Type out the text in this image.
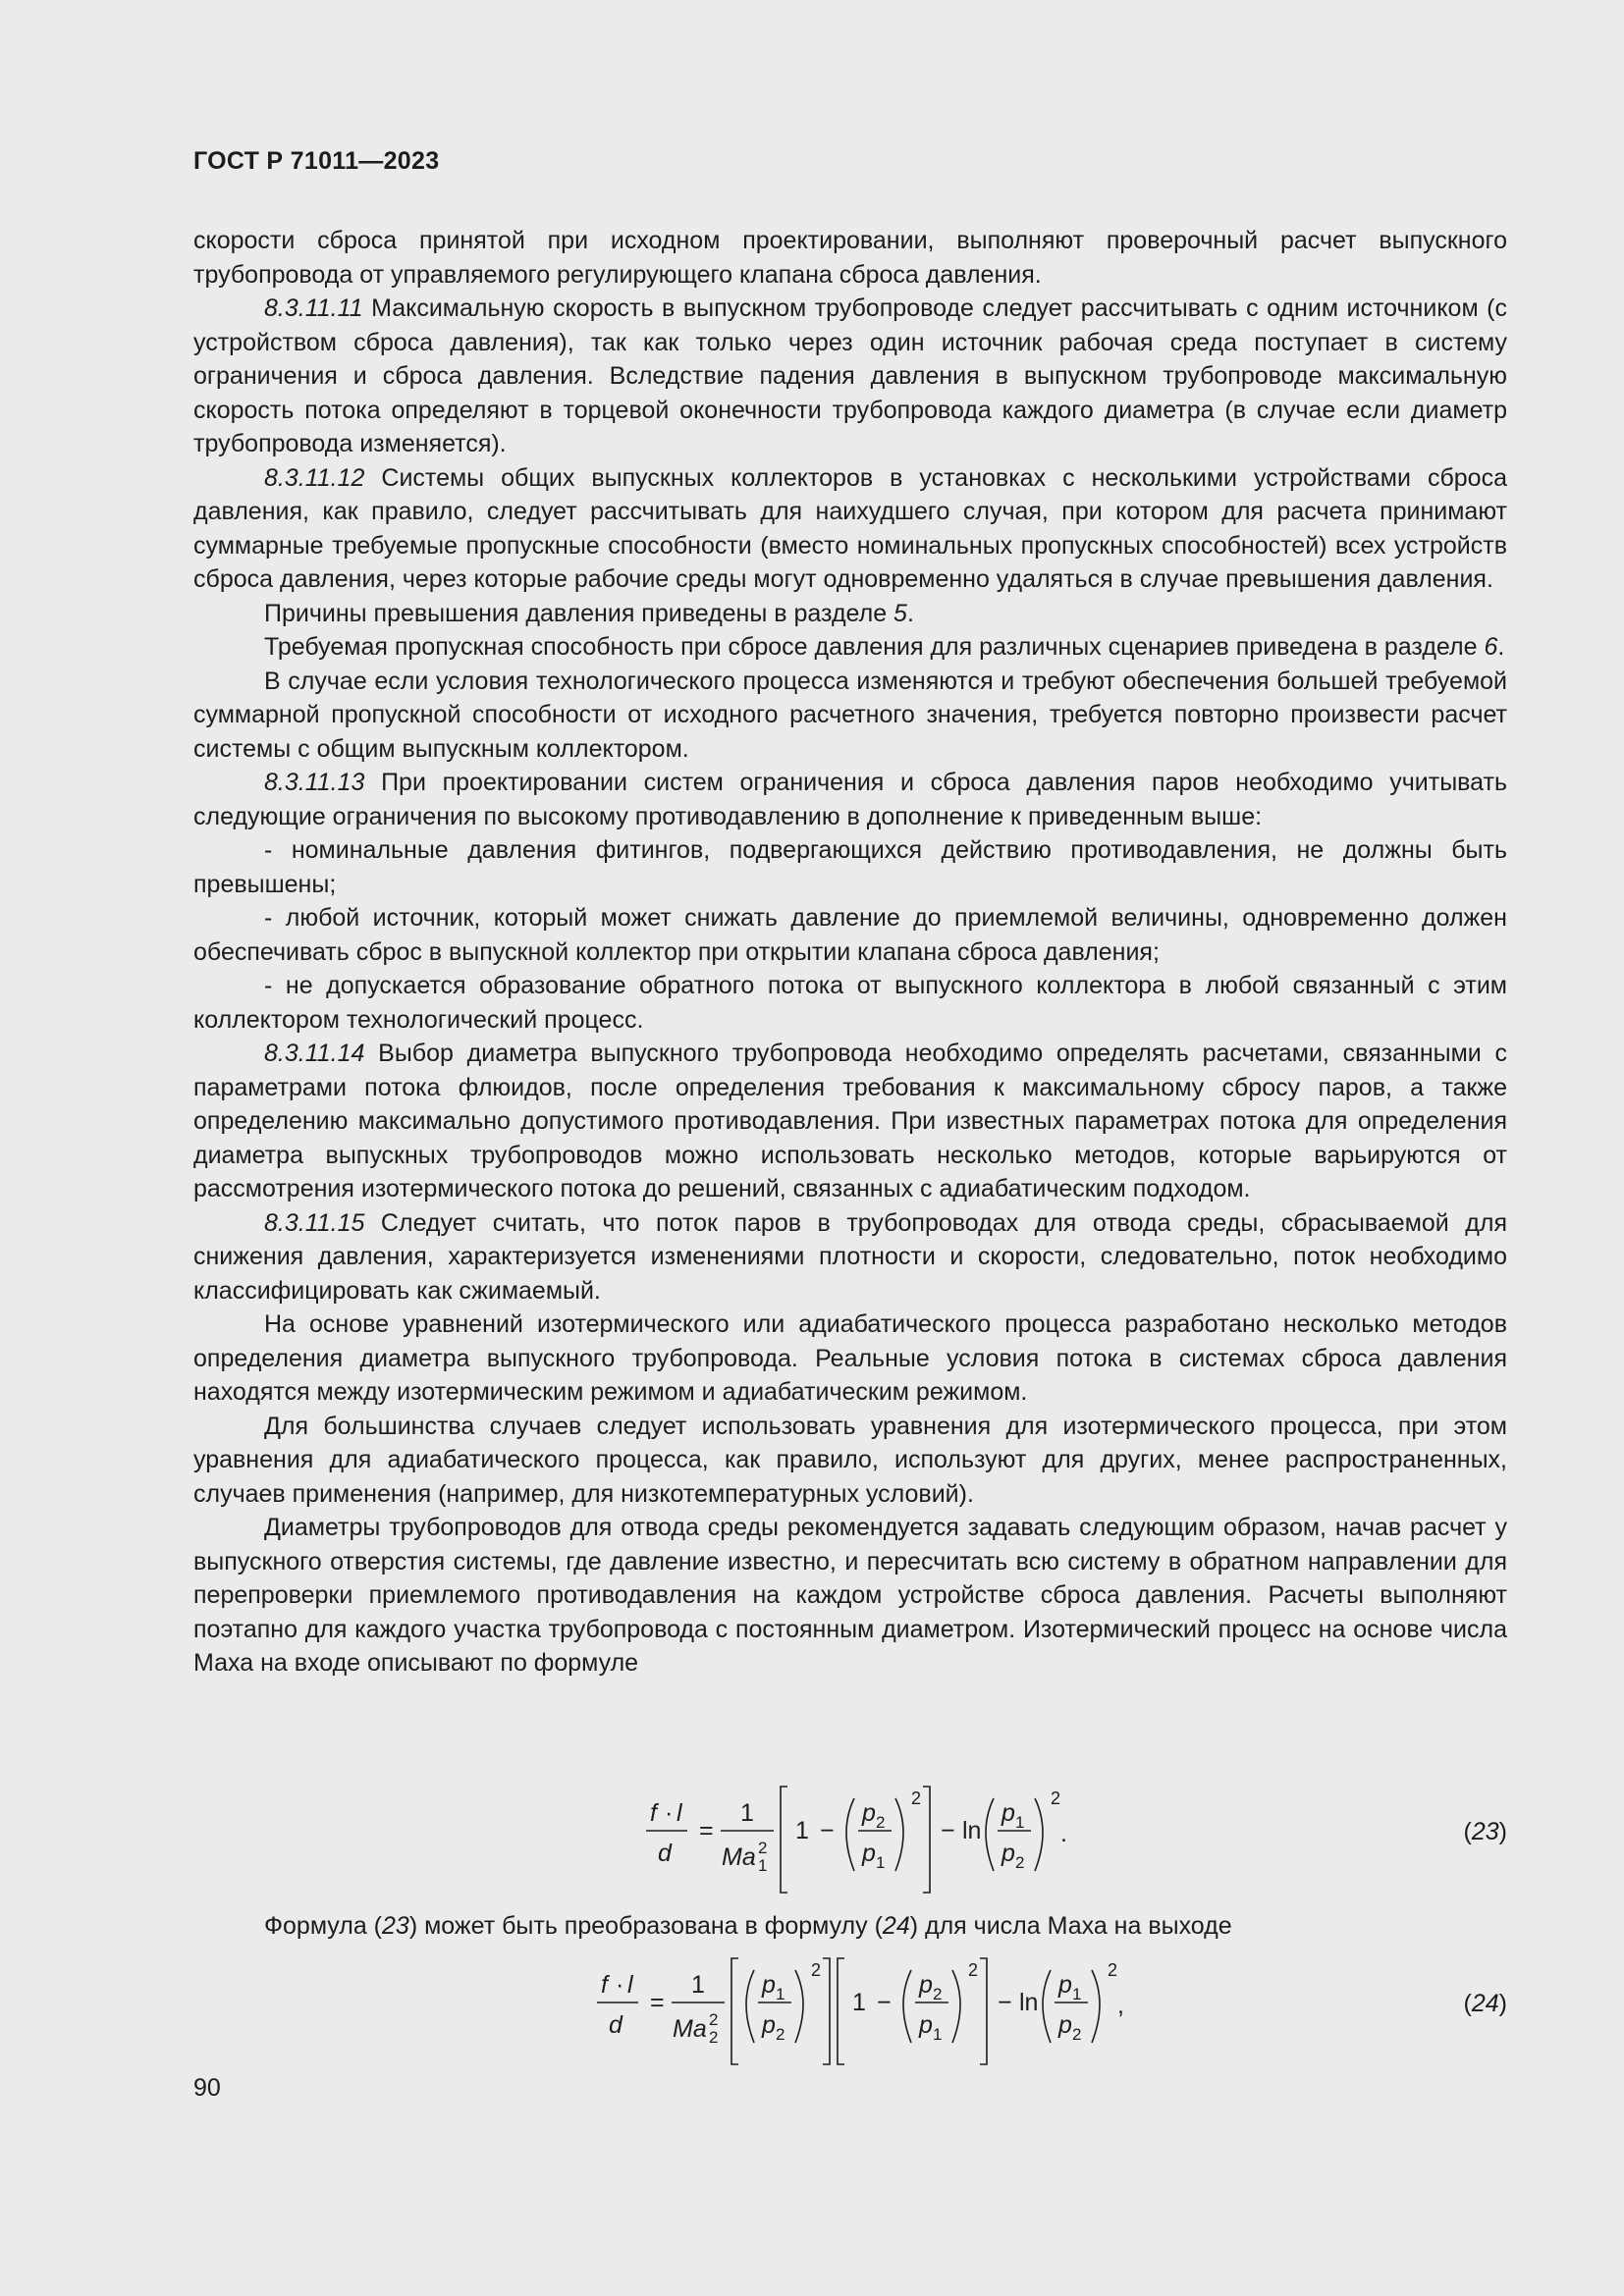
ГОСТ Р 71011—2023

скорости сброса принятой при исходном проектировании, выполняют проверочный расчет выпускного трубопровода от управляемого регулирующего клапана сброса давления.

8.3.11.11 Максимальную скорость в выпускном трубопроводе следует рассчитывать с одним источником (с устройством сброса давления), так как только через один источник рабочая среда поступает в систему ограничения и сброса давления. Вследствие падения давления в выпускном трубопроводе максимальную скорость потока определяют в торцевой оконечности трубопровода каждого диаметра (в случае если диаметр трубопровода изменяется).

8.3.11.12 Системы общих выпускных коллекторов в установках с несколькими устройствами сброса давления, как правило, следует рассчитывать для наихудшего случая, при котором для расчета принимают суммарные требуемые пропускные способности (вместо номинальных пропускных способностей) всех устройств сброса давления, через которые рабочие среды могут одновременно удаляться в случае превышения давления.

Причины превышения давления приведены в разделе 5.

Требуемая пропускная способность при сбросе давления для различных сценариев приведена в разделе 6.

В случае если условия технологического процесса изменяются и требуют обеспечения большей требуемой суммарной пропускной способности от исходного расчетного значения, требуется повторно произвести расчет системы с общим выпускным коллектором.

8.3.11.13 При проектировании систем ограничения и сброса давления паров необходимо учитывать следующие ограничения по высокому противодавлению в дополнение к приведенным выше:

- номинальные давления фитингов, подвергающихся действию противодавления, не должны быть превышены;

- любой источник, который может снижать давление до приемлемой величины, одновременно должен обеспечивать сброс в выпускной коллектор при открытии клапана сброса давления;

- не допускается образование обратного потока от выпускного коллектора в любой связанный с этим коллектором технологический процесс.

8.3.11.14 Выбор диаметра выпускного трубопровода необходимо определять расчетами, связанными с параметрами потока флюидов, после определения требования к максимальному сбросу паров, а также определению максимально допустимого противодавления. При известных параметрах потока для определения диаметра выпускных трубопроводов можно использовать несколько методов, которые варьируются от рассмотрения изотермического потока до решений, связанных с адиабатическим подходом.

8.3.11.15 Следует считать, что поток паров в трубопроводах для отвода среды, сбрасываемой для снижения давления, характеризуется изменениями плотности и скорости, следовательно, поток необходимо классифицировать как сжимаемый.

На основе уравнений изотермического или адиабатического процесса разработано несколько методов определения диаметра выпускного трубопровода. Реальные условия потока в системах сброса давления находятся между изотермическим режимом и адиабатическим режимом.

Для большинства случаев следует использовать уравнения для изотермического процесса, при этом уравнения для адиабатического процесса, как правило, используют для других, менее распространенных, случаев применения (например, для низкотемпературных условий).

Диаметры трубопроводов для отвода среды рекомендуется задавать следующим образом, начав расчет у выпускного отверстия системы, где давление известно, и пересчитать всю систему в обратном направлении для перепроверки приемлемого противодавления на каждом устройстве сброса давления. Расчеты выполняют поэтапно для каждого участка трубопровода с постоянным диаметром. Изотермический процесс на основе числа Маха на входе описывают по формуле

f · l
d
=
1
Ma 2
1
1 −
p 2
p 1
2
− ln
p 1
p 2
2
.	(23)
Формула (23) может быть преобразована в формулу (24) для числа Маха на выходе
f · l
d
=
1
Ma 2
2
p 1
p 2
2
1 −
p 2
p 1
2
− ln
p 1
p 2
2
,	(24)
90
